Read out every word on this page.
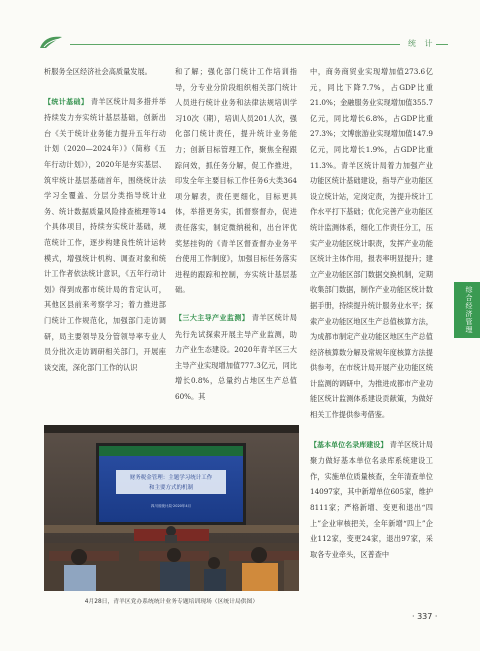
统 计

析服务全区经济社会高质量发展。

【统计基础】 青羊区统计局多措并举持续发力夯实统计基层基础，创新出台《关于统计业务能力提升五年行动计划（2020—2024年）》（简称《五年行动计划》），2020年是夯实基层、筑牢统计基层基础首年，围绕统计法学习全覆盖、分层分类指导统计业务、统计数据质量风险排查梳理等14个具体项目，持续夯实统计基础，规范统计工作，逐步构建良性统计运转模式，增强统计机构、调查对象和统计工作者依法统计意识，《五年行动计划》得到成都市统计局的肯定认可，其他区县前来考察学习；着力推进部门统计工作规范化，加强部门走访调研，局主要领导及分管领导率专业人员分批次走访调研相关部门，开展座谈交流，深化部门工作的认识

和了解；强化部门统计工作培训指导，分专业分阶段组织相关部门统计人员进行统计业务和法律法规培训学习10次（期），培训人员201人次，强化部门统计责任，提升统计业务能力；创新目标管理工作，聚焦全程跟踪问效，抓任务分解，促工作推进，印发全年主要目标工作任务6大类364项分解表，责任更细化，目标更具体，举措更务实，抓督察督办，促进责任落实，制定微纳税和，出台评优奖惩挂钩的《青羊区督查督办业务平台使用工作制度》，加强目标任务落实进程的跟踪和控制，夯实统计基层基础。

【三大主导产业监测】 青羊区统计局先行先试探索开展主导产业监测，助力产业生态建设。2020年青羊区三大主导产业实现增加值777.3亿元，同比增长0.8%，总量约占地区生产总值60%。其

中，商务商贸业实现增加值273.6亿元，同比下降7.7%，占GDP比重21.0%；金融服务业实现增加值355.7亿元，同比增长6.8%，占GDP比重27.3%；文博旅游业实现增加值147.9亿元，同比增长1.9%，占GDP比重11.3%。青羊区统计局着力加强产业功能区统计基础建设，指导产业功能区设立统计站，定岗定责，为提升统计工作水平打下基础；优化完善产业功能区统计监测体系，细化工作责任分工，压实产业功能区统计职责，发挥产业功能区统计主体作用，报表率明显提升；建立产业功能区部门数据交换机制，定期收集部门数据，制作产业功能区统计数据手册，持续提升统计服务业水平；探索产业功能区地区生产总值核算方法，为成都市制定产业功能区地区生产总值经济核算数分解及常规年度核算方法提供参考，在市统计局开展产业功能区统计监测的调研中，为推进成都市产业功能区统计监测体系建设贡献策，为做好相关工作提供参考借鉴。

【基本单位名录库建设】 青羊区统计局聚力做好基本单位名录库系统建设工作，实施单位质量核查，全年清查单位14097家，其中新增单位605家，维护8111家；严格新增、变更和退出“四上”企业审核把关，全年新增“四上”企业112家，变更24家，退出97家，采取各专业牵头，区普查中

财务税金管理：主题学习统计工作
和主要方式的机制
四川省统计局·2020年4月
4月28日，青羊区党办系统统计业务专题培训现场（区统计局供图）
综合经济管理
· 337 ·
